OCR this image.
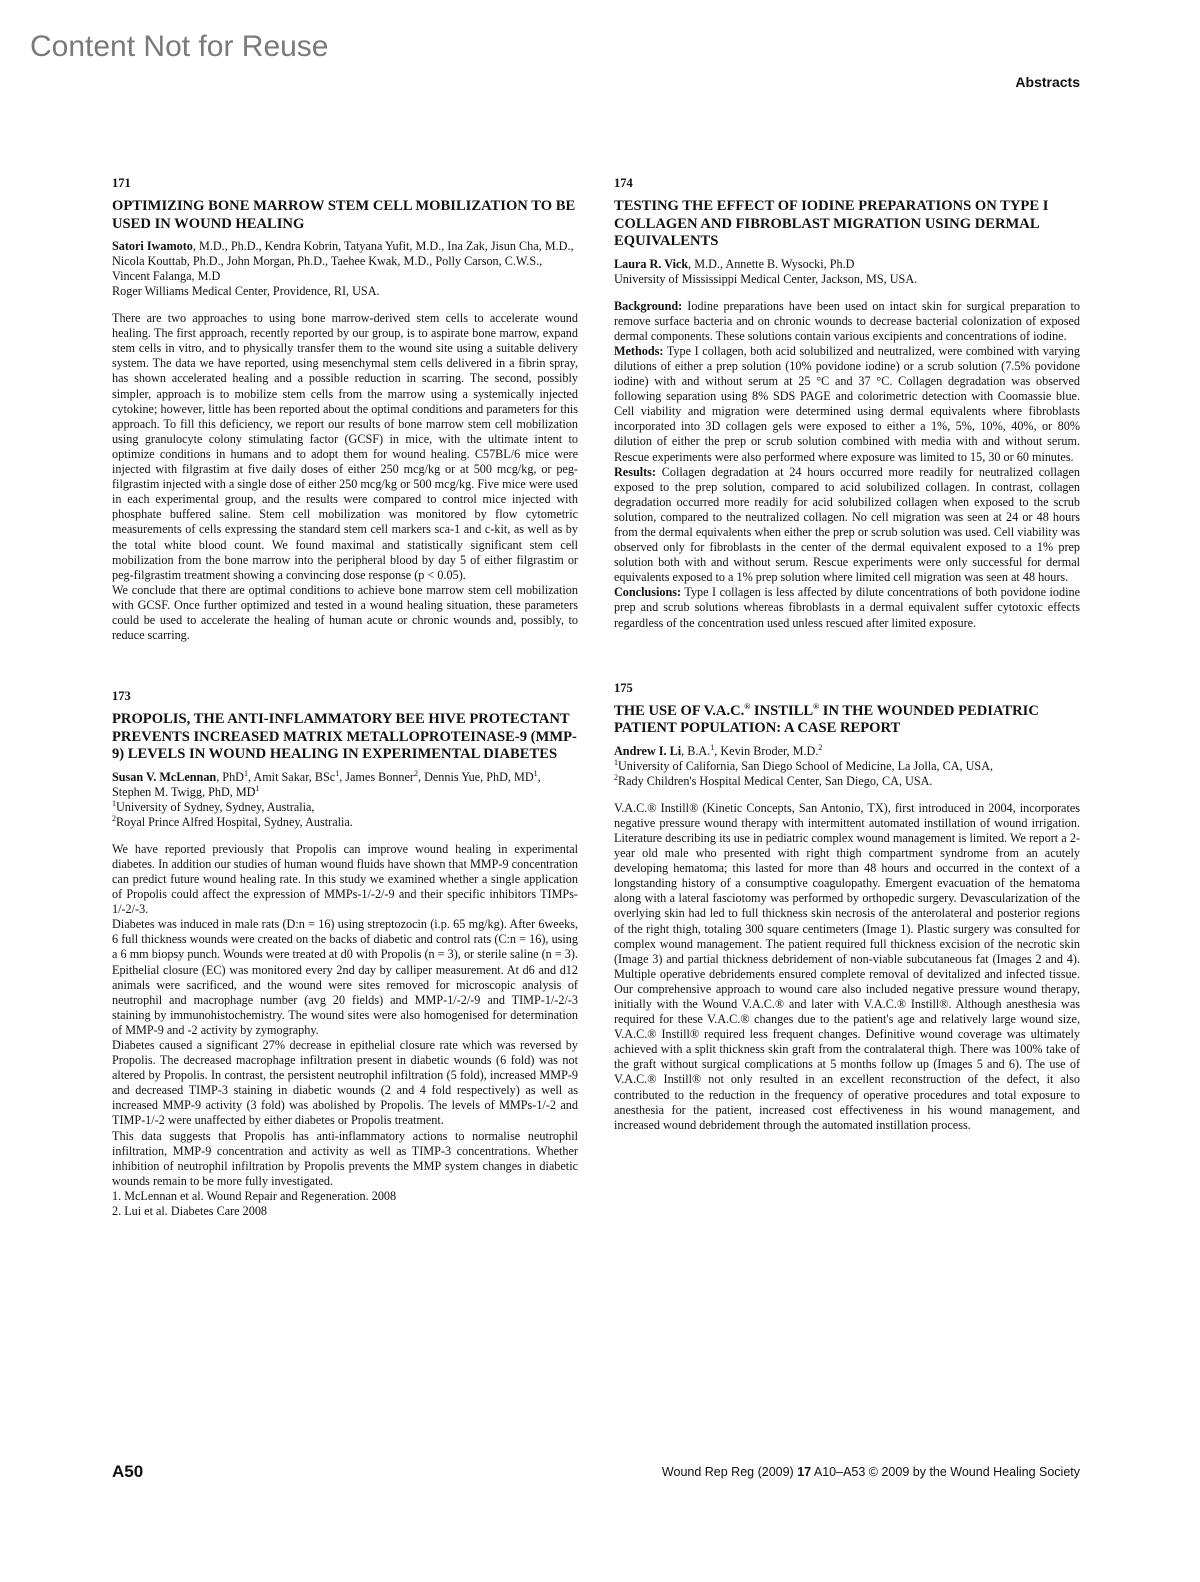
Content Not for Reuse
Abstracts
171
OPTIMIZING BONE MARROW STEM CELL MOBILIZATION TO BE USED IN WOUND HEALING
Satori Iwamoto, M.D., Ph.D., Kendra Kobrin, Tatyana Yufit, M.D., Ina Zak, Jisun Cha, M.D., Nicola Kouttab, Ph.D., John Morgan, Ph.D., Taehee Kwak, M.D., Polly Carson, C.W.S., Vincent Falanga, M.D
Roger Williams Medical Center, Providence, RI, USA.

There are two approaches to using bone marrow-derived stem cells to accelerate wound healing. The first approach, recently reported by our group, is to aspirate bone marrow, expand stem cells in vitro, and to physically transfer them to the wound site using a suitable delivery system. The data we have reported, using mesenchymal stem cells delivered in a fibrin spray, has shown accelerated healing and a possible reduction in scarring. The second, possibly simpler, approach is to mobilize stem cells from the marrow using a systemically injected cytokine; however, little has been reported about the optimal conditions and parameters for this approach. To fill this deficiency, we report our results of bone marrow stem cell mobilization using granulocyte colony stimulating factor (GCSF) in mice, with the ultimate intent to optimize conditions in humans and to adopt them for wound healing. C57BL/6 mice were injected with filgrastim at five daily doses of either 250 mcg/kg or at 500 mcg/kg, or peg-filgrastim injected with a single dose of either 250 mcg/kg or 500 mcg/kg. Five mice were used in each experimental group, and the results were compared to control mice injected with phosphate buffered saline. Stem cell mobilization was monitored by flow cytometric measurements of cells expressing the standard stem cell markers sca-1 and c-kit, as well as by the total white blood count. We found maximal and statistically significant stem cell mobilization from the bone marrow into the peripheral blood by day 5 of either filgrastim or peg-filgrastim treatment showing a convincing dose response (p < 0.05).

We conclude that there are optimal conditions to achieve bone marrow stem cell mobilization with GCSF. Once further optimized and tested in a wound healing situation, these parameters could be used to accelerate the healing of human acute or chronic wounds and, possibly, to reduce scarring.

173
PROPOLIS, THE ANTI-INFLAMMATORY BEE HIVE PROTECTANT PREVENTS INCREASED MATRIX METALLOPROTEINASE-9 (MMP-9) LEVELS IN WOUND HEALING IN EXPERIMENTAL DIABETES
Susan V. McLennan, PhD$^1$, Amit Sakar, BSc$^1$, James Bonner$^2$, Dennis Yue, PhD, $MD^1$, Stephen M. Twigg, PhD, $MD^1$
$^1$University of Sydney, Sydney, Australia,
$^2$Royal Prince Alfred Hospital, Sydney, Australia.

We have reported previously that Propolis can improve wound healing in experimental diabetes. In addition our studies of human wound fluids have shown that MMP-9 concentration can predict future wound healing rate. In this study we examined whether a single application of Propolis could affect the expression of MMPs-1/-2/-9 and their specific inhibitors TIMPs-1/-2/-3.

Diabetes was induced in male rats (D:n = 16) using streptozocin (i.p. 65 mg/kg). After 6weeks, 6 full thickness wounds were created on the backs of diabetic and control rats (C:n = 16), using a 6 mm biopsy punch. Wounds were treated at d0 with Propolis (n = 3), or sterile saline (n = 3). Epithelial closure (EC) was monitored every 2nd day by calliper measurement. At d6 and d12 animals were sacrificed, and the wound were sites removed for microscopic analysis of neutrophil and macrophage number (avg 20 fields) and MMP-1/-2/-9 and TIMP-1/-2/-3 staining by immunohistochemistry. The wound sites were also homogenised for determination of MMP-9 and -2 activity by zymography.

Diabetes caused a significant 27% decrease in epithelial closure rate which was reversed by Propolis. The decreased macrophage infiltration present in diabetic wounds (6 fold) was not altered by Propolis. In contrast, the persistent neutrophil infiltration (5 fold), increased MMP-9 and decreased TIMP-3 staining in diabetic wounds (2 and 4 fold respectively) as well as increased MMP-9 activity (3 fold) was abolished by Propolis. The levels of MMPs-1/-2 and TIMP-1/-2 were unaffected by either diabetes or Propolis treatment.

This data suggests that Propolis has anti-inflammatory actions to normalise neutrophil infiltration, MMP-9 concentration and activity as well as TIMP-3 concentrations. Whether inhibition of neutrophil infiltration by Propolis prevents the MMP system changes in diabetic wounds remain to be more fully investigated.

1. McLennan et al. Wound Repair and Regeneration. 2008

2. Lui et al. Diabetes Care 2008

174
TESTING THE EFFECT OF IODINE PREPARATIONS ON TYPE I COLLAGEN AND FIBROBLAST MIGRATION USING DERMAL EQUIVALENTS
Laura R. Vick, M.D., Annette B. Wysocki, Ph.D
University of Mississippi Medical Center, Jackson, MS, USA.

Background: Iodine preparations have been used on intact skin for surgical preparation to remove surface bacteria and on chronic wounds to decrease bacterial colonization of exposed dermal components. These solutions contain various excipients and concentrations of iodine.

Methods: Type I collagen, both acid solubilized and neutralized, were combined with varying dilutions of either a prep solution (10% povidone iodine) or a scrub solution (7.5% povidone iodine) with and without serum at 25 °C and 37 °C. Collagen degradation was observed following separation using 8% SDS PAGE and colorimetric detection with Coomassie blue. Cell viability and migration were determined using dermal equivalents where fibroblasts incorporated into 3D collagen gels were exposed to either a 1%, 5%, 10%, 40%, or 80% dilution of either the prep or scrub solution combined with media with and without serum. Rescue experiments were also performed where exposure was limited to 15, 30 or 60 minutes.

Results: Collagen degradation at 24 hours occurred more readily for neutralized collagen exposed to the prep solution, compared to acid solubilized collagen. In contrast, collagen degradation occurred more readily for acid solubilized collagen when exposed to the scrub solution, compared to the neutralized collagen. No cell migration was seen at 24 or 48 hours from the dermal equivalents when either the prep or scrub solution was used. Cell viability was observed only for fibroblasts in the center of the dermal equivalent exposed to a 1% prep solution both with and without serum. Rescue experiments were only successful for dermal equivalents exposed to a 1% prep solution where limited cell migration was seen at 48 hours.

Conclusions: Type I collagen is less affected by dilute concentrations of both povidone iodine prep and scrub solutions whereas fibroblasts in a dermal equivalent suffer cytotoxic effects regardless of the concentration used unless rescued after limited exposure.

175
THE USE OF V.A.C.® INSTILL® IN THE WOUNDED PEDIATRIC PATIENT POPULATION: A CASE REPORT
Andrew I. Li, B.A.$^1$, Kevin Broder, M.D.$^2$
$^1$University of California, San Diego School of Medicine, La Jolla, CA, USA,
$^2$Rady Children's Hospital Medical Center, San Diego, CA, USA.

V.A.C.® Instill® (Kinetic Concepts, San Antonio, TX), first introduced in 2004, incorporates negative pressure wound therapy with intermittent automated instillation of wound irrigation. Literature describing its use in pediatric complex wound management is limited. We report a 2-year old male who presented with right thigh compartment syndrome from an acutely developing hematoma; this lasted for more than 48 hours and occurred in the context of a longstanding history of a consumptive coagulopathy. Emergent evacuation of the hematoma along with a lateral fasciotomy was performed by orthopedic surgery. Devascularization of the overlying skin had led to full thickness skin necrosis of the anterolateral and posterior regions of the right thigh, totaling 300 square centimeters (Image 1). Plastic surgery was consulted for complex wound management. The patient required full thickness excision of the necrotic skin (Image 3) and partial thickness debridement of non-viable subcutaneous fat (Images 2 and 4). Multiple operative debridements ensured complete removal of devitalized and infected tissue. Our comprehensive approach to wound care also included negative pressure wound therapy, initially with the Wound V.A.C.® and later with V.A.C.® Instill®. Although anesthesia was required for these V.A.C.® changes due to the patient's age and relatively large wound size, V.A.C.® Instill® required less frequent changes. Definitive wound coverage was ultimately achieved with a split thickness skin graft from the contralateral thigh. There was 100% take of the graft without surgical complications at 5 months follow up (Images 5 and 6). The use of V.A.C.® Instill® not only resulted in an excellent reconstruction of the defect, it also contributed to the reduction in the frequency of operative procedures and total exposure to anesthesia for the patient, increased cost effectiveness in his wound management, and increased wound debridement through the automated instillation process.

A50	Wound Rep Reg (2009) 17 A10–A53 © 2009 by the Wound Healing Society
